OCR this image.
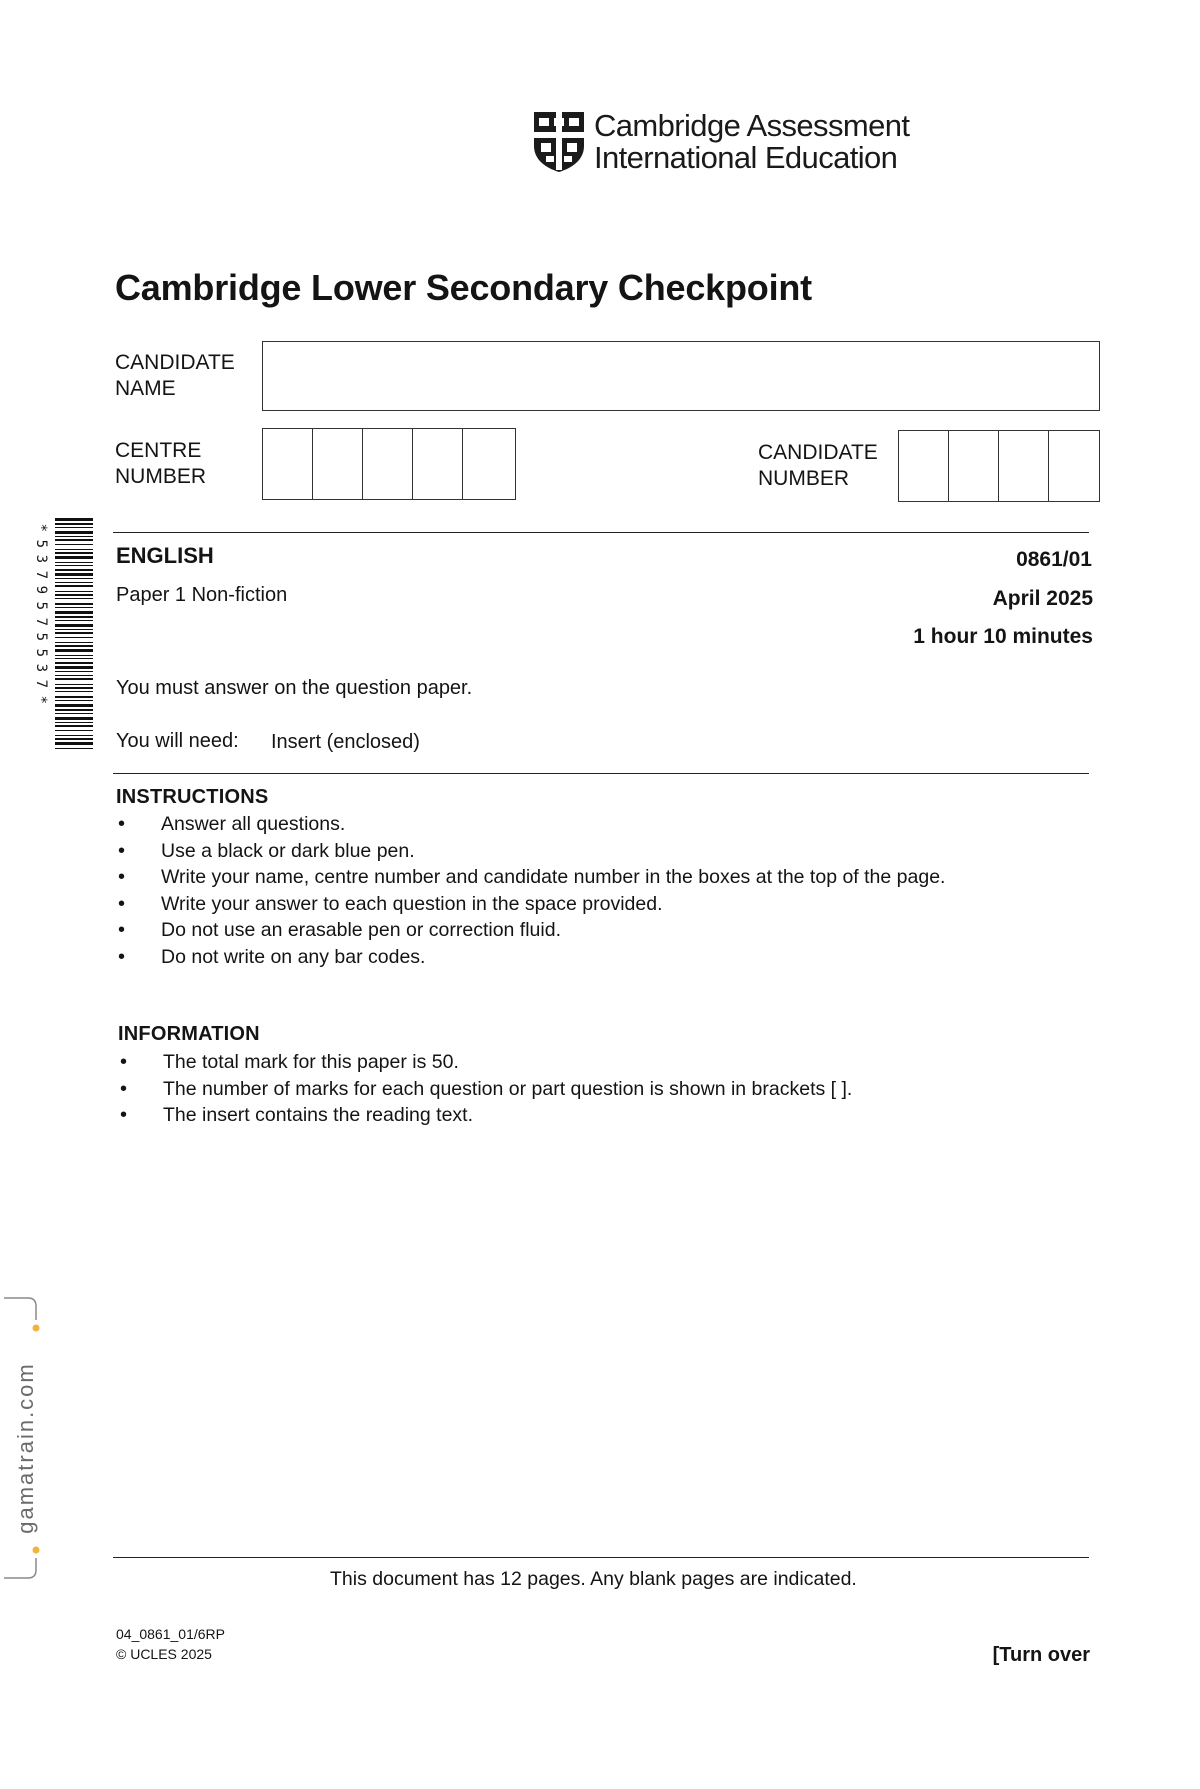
Cambridge Assessment
International Education
Cambridge Lower Secondary Checkpoint
CANDIDATE
NAME
CENTRE
NUMBER
CANDIDATE
NUMBER
*
5
3
7
9
5
7
5
5
3
7
*
ENGLISH	0861/01
Paper 1 Non-fiction	April 2025
1 hour 10 minutes
You must answer on the question paper.
You will need: Insert (enclosed)
INSTRUCTIONS
• Answer all questions.
• Use a black or dark blue pen.
• Write your name, centre number and candidate number in the boxes at the top of the page.
• Write your answer to each question in the space provided.
• Do not use an erasable pen or correction fluid.
• Do not write on any bar codes.
INFORMATION
• The total mark for this paper is 50.
• The number of marks for each question or part question is shown in brackets [ ].
• The insert contains the reading text.
gamatrain.com
This document has 12 pages. Any blank pages are indicated.
04_0861_01/6RP
© UCLES 2025	[Turn over
